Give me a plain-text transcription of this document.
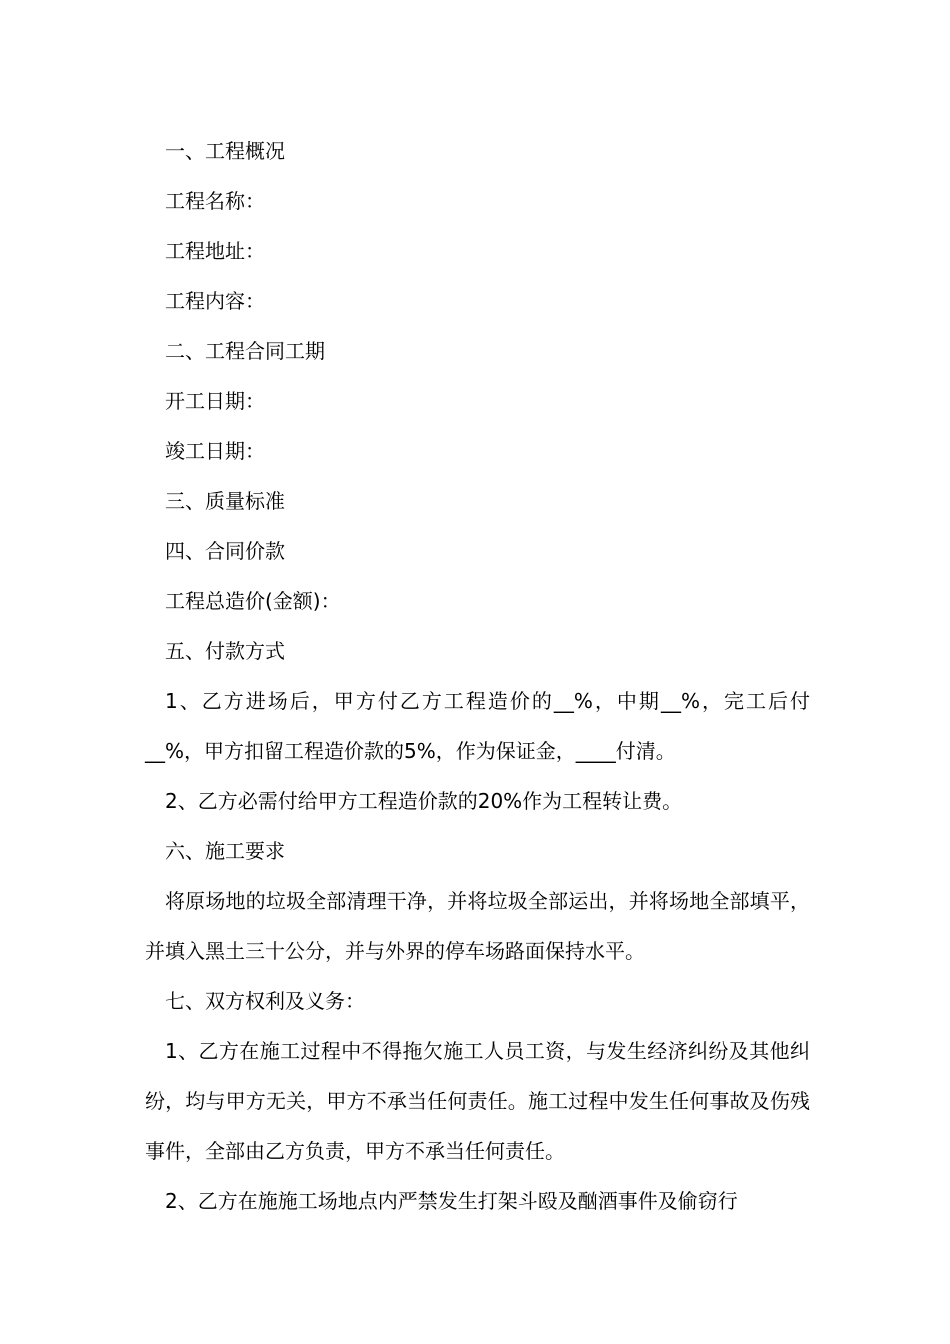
一、工程概况

工程名称：

工程地址：

工程内容：

二、工程合同工期

开工日期：

竣工日期：

三、质量标准

四、合同价款

工程总造价(金额)：

五、付款方式

1、乙方进场后，甲方付乙方工程造价的__%，中期__%，完工后付__%，甲方扣留工程造价款的5%，作为保证金，____付清。

2、乙方必需付给甲方工程造价款的20%作为工程转让费。

六、施工要求

将原场地的垃圾全部清理干净，并将垃圾全部运出，并将场地全部填平，并填入黑土三十公分，并与外界的停车场路面保持水平。

七、双方权利及义务：

1、乙方在施工过程中不得拖欠施工人员工资，与发生经济纠纷及其他纠纷，均与甲方无关，甲方不承当任何责任。施工过程中发生任何事故及伤残事件，全部由乙方负责，甲方不承当任何责任。

2、乙方在施施工场地点内严禁发生打架斗殴及酗酒事件及偷窃行
